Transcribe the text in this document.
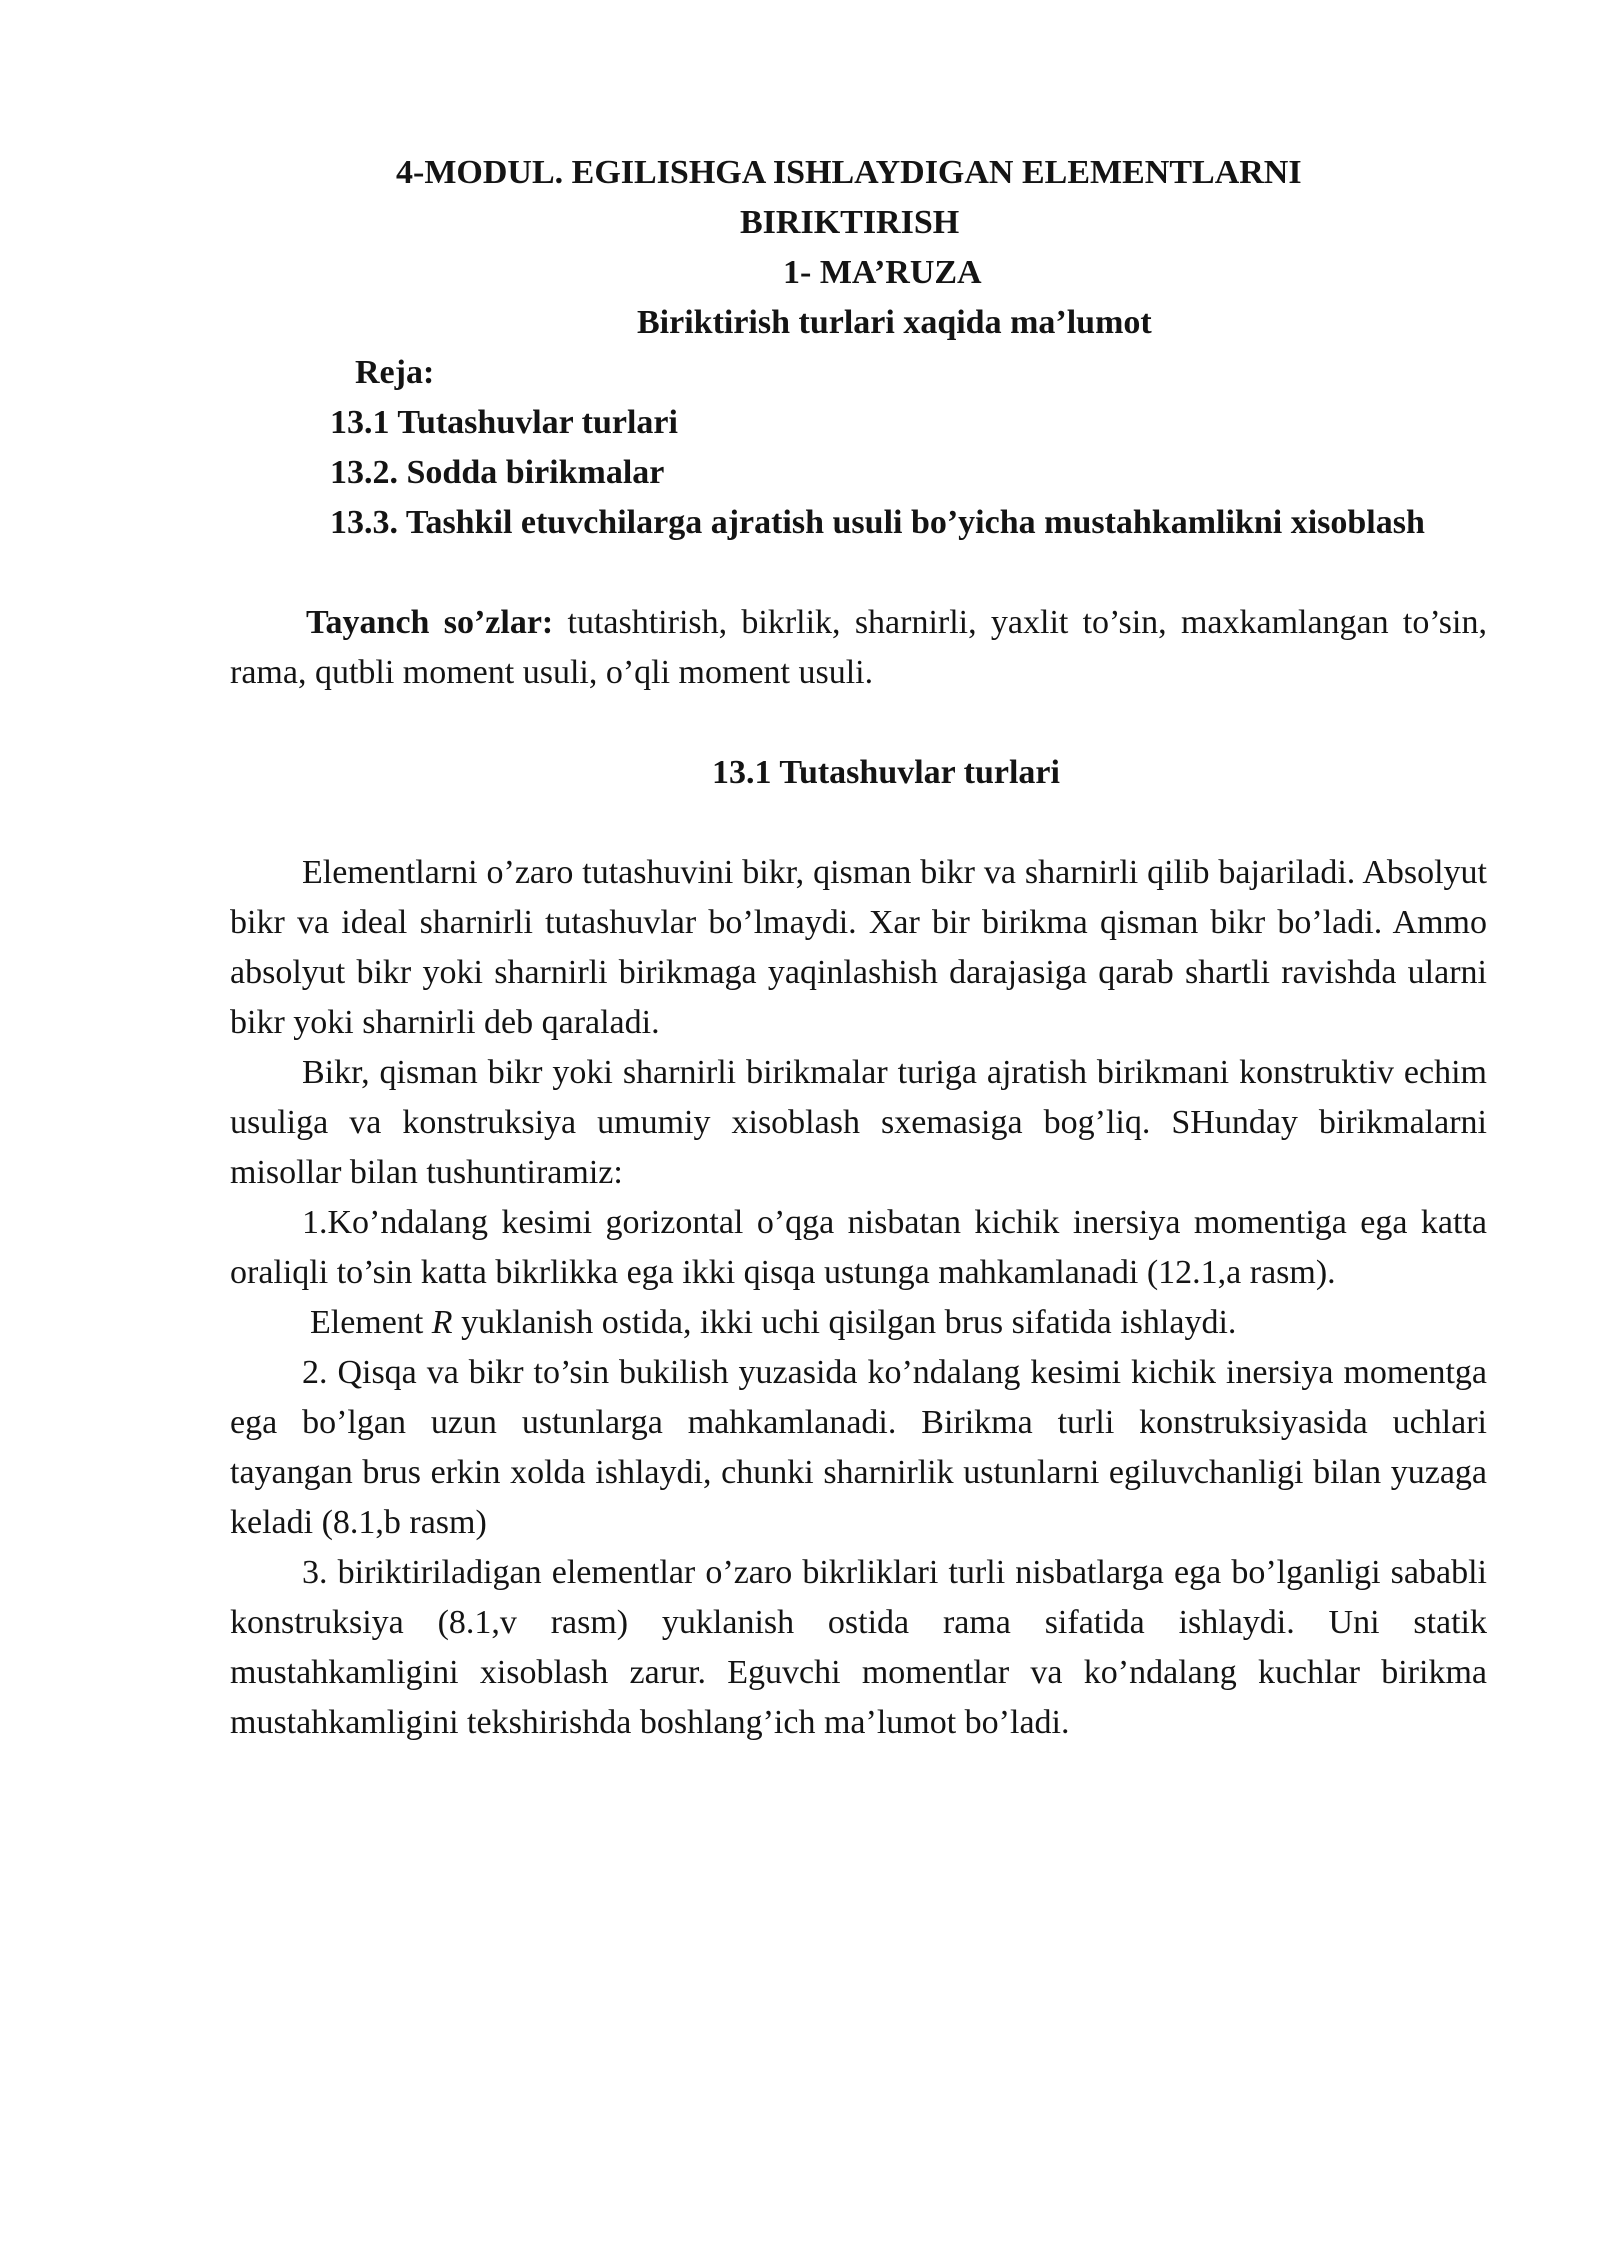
4-MODUL. EGILISHGA ISHLAYDIGAN ELEMENTLARNI
BIRIKTIRISH
1- MA’RUZA
Biriktirish turlari xaqida ma’lumot
Reja:
13.1 Tutashuvlar turlari
13.2. Sodda birikmalar
13.3. Tashkil etuvchilarga ajratish usuli bo’yicha mustahkamlikni xisoblash
Tayanch so’zlar: tutashtirish, bikrlik, sharnirli, yaxlit to’sin, maxkamlangan to’sin, rama, qutbli moment usuli, o’qli moment usuli.
13.1 Tutashuvlar turlari
Elementlarni o’zaro tutashuvini bikr, qisman bikr va sharnirli qilib bajariladi. Absolyut bikr va ideal sharnirli tutashuvlar bo’lmaydi. Xar bir birikma qisman bikr bo’ladi. Ammo absolyut bikr yoki sharnirli birikmaga yaqinlashish darajasiga qarab shartli ravishda ularni bikr yoki sharnirli deb qaraladi.
Bikr, qisman bikr yoki sharnirli birikmalar turiga ajratish birikmani konstruktiv echim usuliga va konstruksiya umumiy xisoblash sxemasiga bog’liq. SHunday birikmalarni misollar bilan tushuntiramiz:
1.Ko’ndalang kesimi gorizontal o’qga nisbatan kichik inersiya momentiga ega katta oraliqli to’sin katta bikrlikka ega ikki qisqa ustunga mahkamlanadi (12.1,a rasm).
Element R yuklanish ostida, ikki uchi qisilgan brus sifatida ishlaydi.
2. Qisqa va bikr to’sin bukilish yuzasida ko’ndalang kesimi kichik inersiya momentga ega bo’lgan uzun ustunlarga mahkamlanadi. Birikma turli konstruksiyasida uchlari tayangan brus erkin xolda ishlaydi, chunki sharnirlik ustunlarni egiluvchanligi bilan yuzaga keladi (8.1,b rasm)
3. biriktiriladigan elementlar o’zaro bikrliklari turli nisbatlarga ega bo’lganligi sababli konstruksiya (8.1,v rasm) yuklanish ostida rama sifatida ishlaydi. Uni statik mustahkamligini xisoblash zarur. Eguvchi momentlar va ko’ndalang kuchlar birikma mustahkamligini tekshirishda boshlang’ich ma’lumot bo’ladi.
